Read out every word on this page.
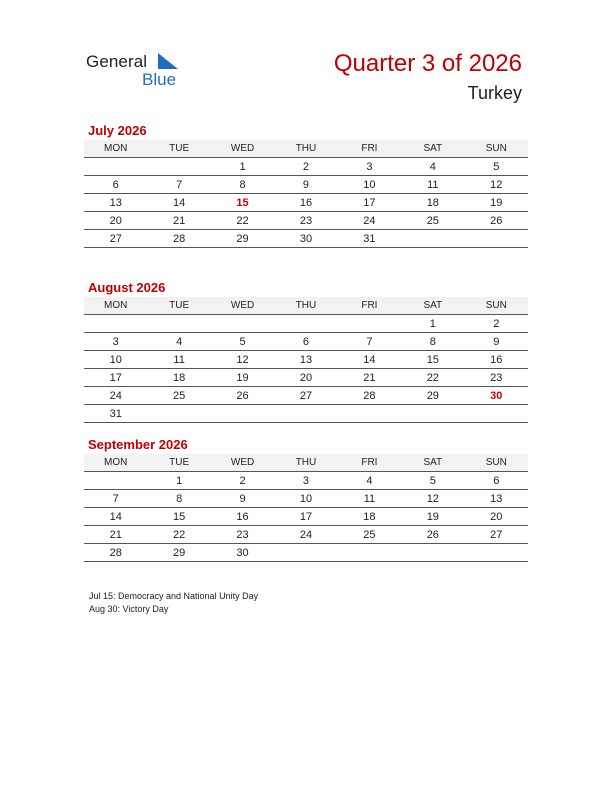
General
Blue
Quarter 3 of 2026
Turkey
July 2026
MON	TUE	WED	THU	FRI	SAT	SUN
		1	2	3	4	5
6	7	8	9	10	11	12
13	14	15	16	17	18	19
20	21	22	23	24	25	26
27	28	29	30	31		
August 2026
MON	TUE	WED	THU	FRI	SAT	SUN
					1	2
3	4	5	6	7	8	9
10	11	12	13	14	15	16
17	18	19	20	21	22	23
24	25	26	27	28	29	30
31						
September 2026
MON	TUE	WED	THU	FRI	SAT	SUN
	1	2	3	4	5	6
7	8	9	10	11	12	13
14	15	16	17	18	19	20
21	22	23	24	25	26	27
28	29	30				
Jul 15: Democracy and National Unity Day
Aug 30: Victory Day
